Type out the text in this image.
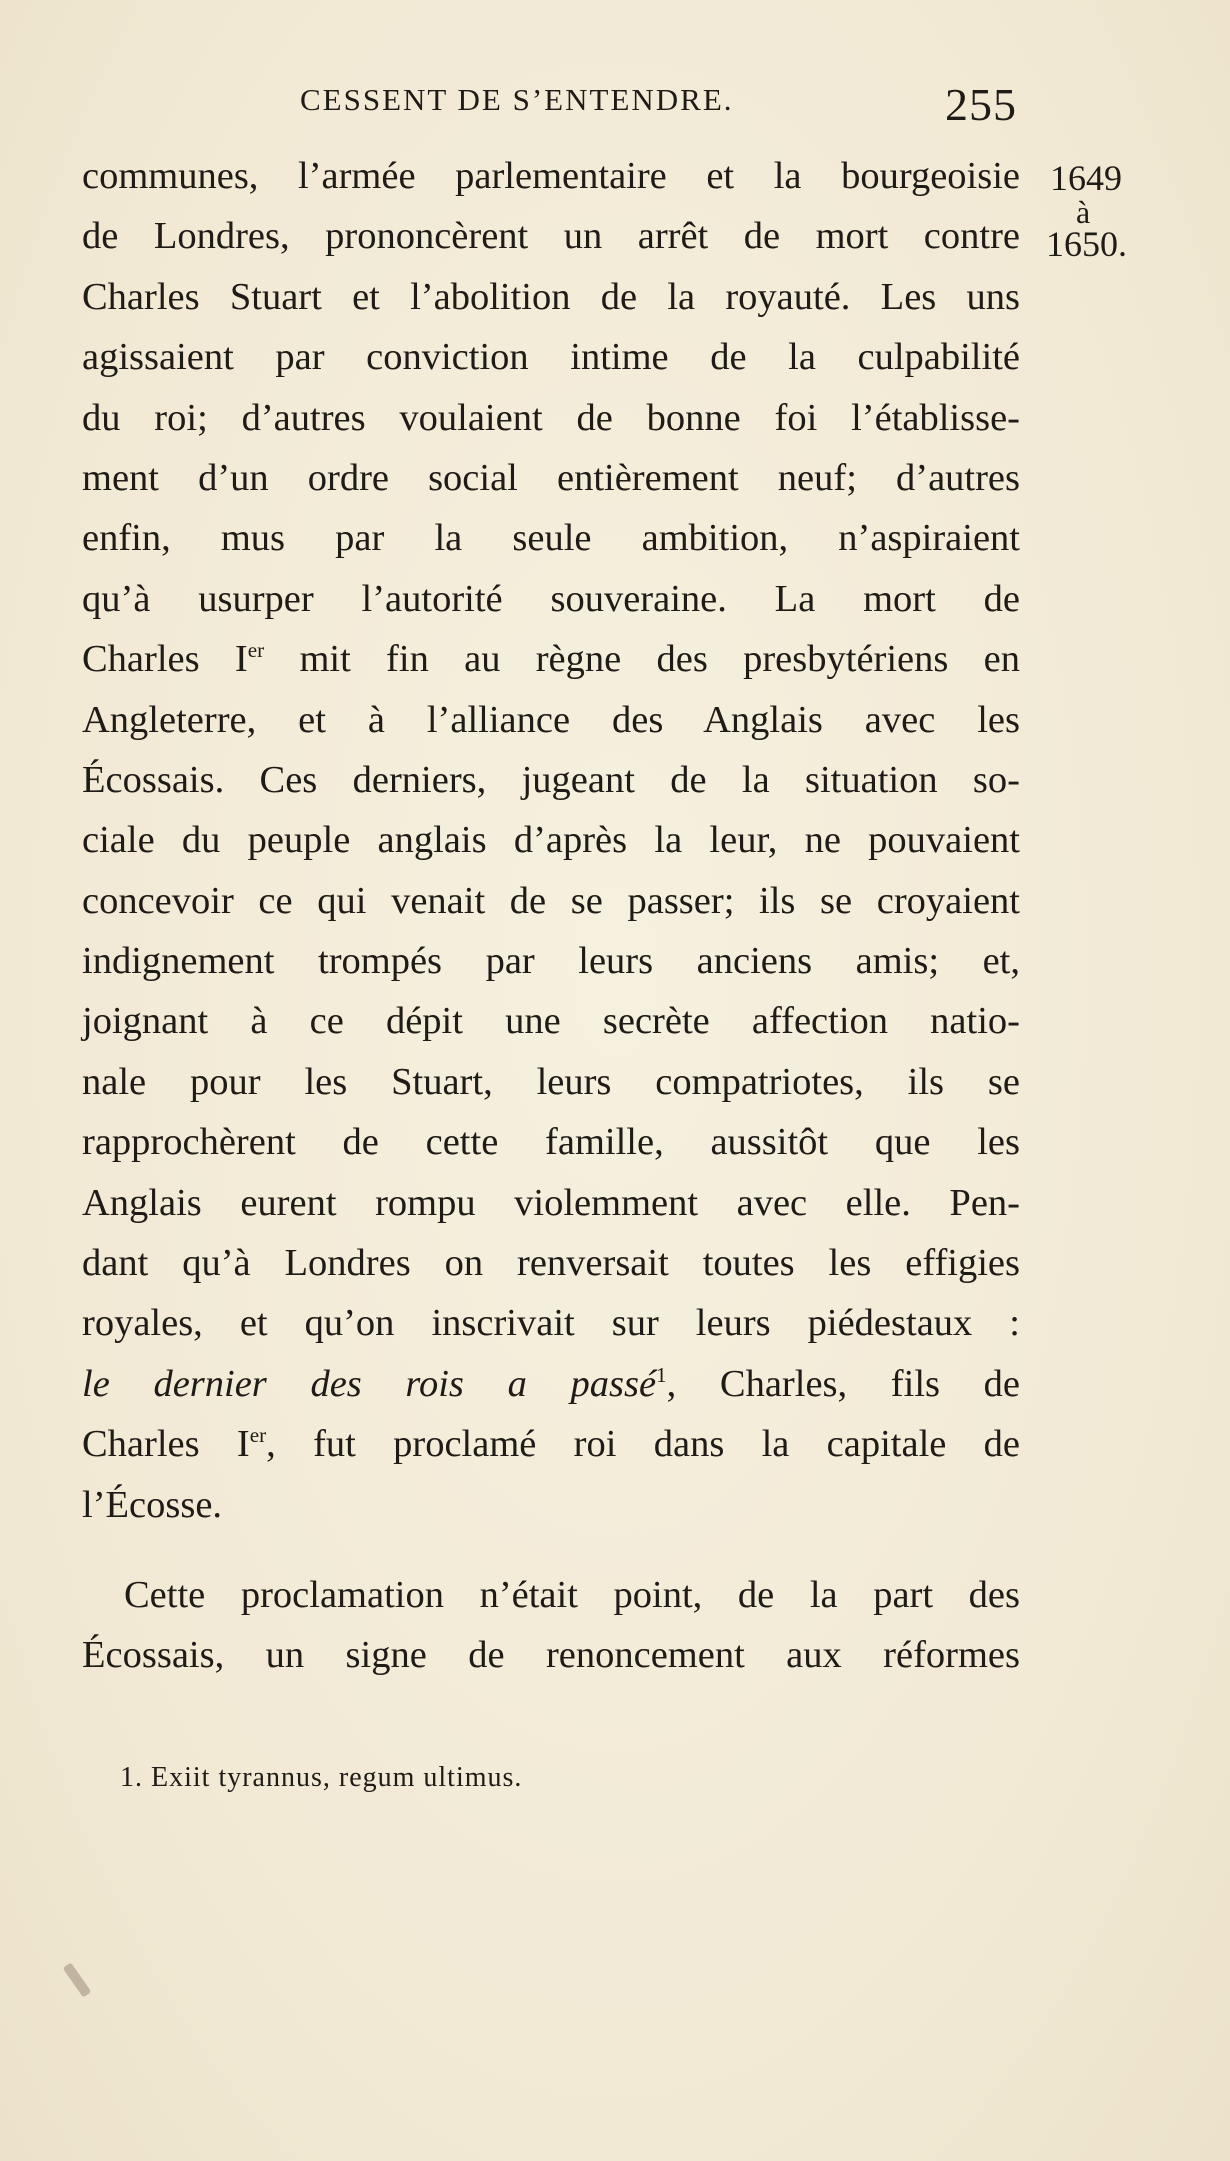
CESSENT DE S’ENTENDRE.	255
1649
à
1650.
communes, l’armée parlementaire et la bourgeoisie
de Londres, prononcèrent un arrêt de mort contre
Charles Stuart et l’abolition de la royauté. Les uns
agissaient par conviction intime de la culpabilité
du roi; d’autres voulaient de bonne foi l’établisse-
ment d’un ordre social entièrement neuf; d’autres
enfin, mus par la seule ambition, n’aspiraient
qu’à usurper l’autorité souveraine. La mort de
Charles Ier mit fin au règne des presbytériens en
Angleterre, et à l’alliance des Anglais avec les
Écossais. Ces derniers, jugeant de la situation so-
ciale du peuple anglais d’après la leur, ne pouvaient
concevoir ce qui venait de se passer; ils se croyaient
indignement trompés par leurs anciens amis; et,
joignant à ce dépit une secrète affection natio-
nale pour les Stuart, leurs compatriotes, ils se
rapprochèrent de cette famille, aussitôt que les
Anglais eurent rompu violemment avec elle. Pen-
dant qu’à Londres on renversait toutes les effigies
royales, et qu’on inscrivait sur leurs piédestaux :
le dernier des rois a passé$^1$, Charles, fils de
Charles Ier, fut proclamé roi dans la capitale de
l’Écosse.
Cette proclamation n’était point, de la part des
Écossais, un signe de renoncement aux réformes
1. Exiit tyrannus, regum ultimus.
